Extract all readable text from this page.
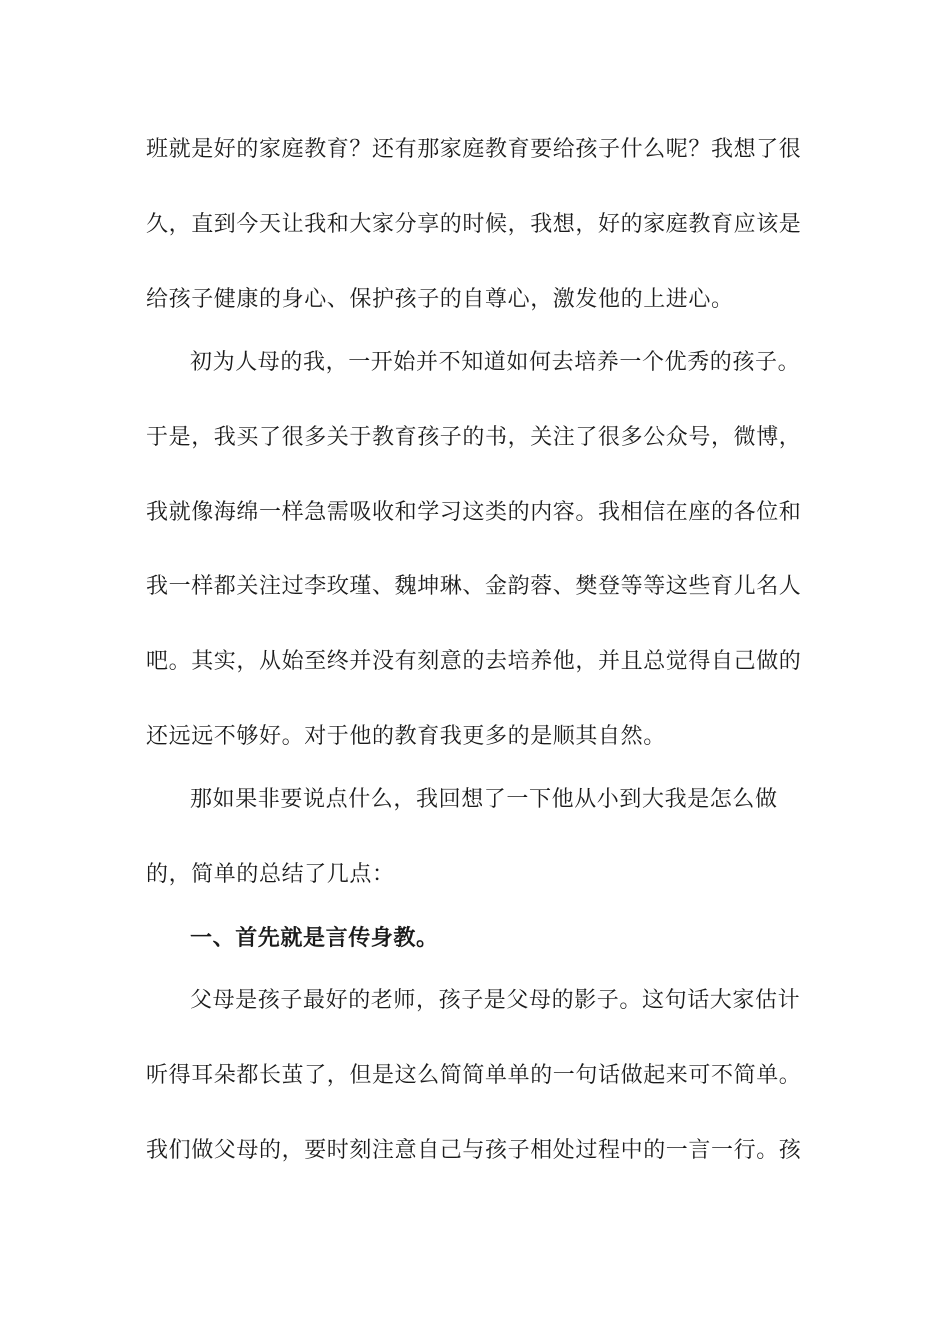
班就是好的家庭教育？还有那家庭教育要给孩子什么呢？我想了很
久，直到今天让我和大家分享的时候，我想，好的家庭教育应该是
给孩子健康的身心、保护孩子的自尊心，激发他的上进心。
初为人母的我，一开始并不知道如何去培养一个优秀的孩子。
于是，我买了很多关于教育孩子的书，关注了很多公众号，微博，
我就像海绵一样急需吸收和学习这类的内容。我相信在座的各位和
我一样都关注过李玫瑾、魏坤琳、金韵蓉、樊登等等这些育儿名人
吧。其实，从始至终并没有刻意的去培养他，并且总觉得自己做的
还远远不够好。对于他的教育我更多的是顺其自然。
那如果非要说点什么，我回想了一下他从小到大我是怎么做
的，简单的总结了几点：
一、首先就是言传身教。
父母是孩子最好的老师，孩子是父母的影子。这句话大家估计
听得耳朵都长茧了，但是这么简简单单的一句话做起来可不简单。
我们做父母的，要时刻注意自己与孩子相处过程中的一言一行。孩
